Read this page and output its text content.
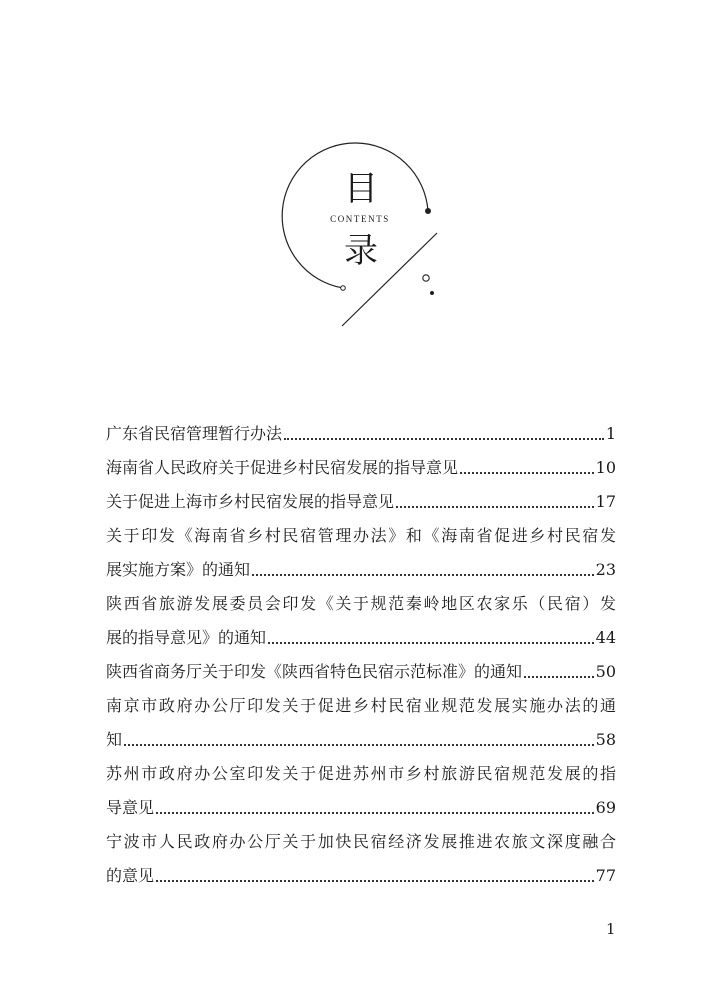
目
CONTENTS
录
广东省民宿管理暂行办法	1
海南省人民政府关于促进乡村民宿发展的指导意见	10
关于促进上海市乡村民宿发展的指导意见	17
关于印发《海南省乡村民宿管理办法》和《海南省促进乡村民宿发
展实施方案》的通知	23
陕西省旅游发展委员会印发《关于规范秦岭地区农家乐（民宿）发
展的指导意见》的通知	44
陕西省商务厅关于印发《陕西省特色民宿示范标准》的通知	50
南京市政府办公厅印发关于促进乡村民宿业规范发展实施办法的通
知	58
苏州市政府办公室印发关于促进苏州市乡村旅游民宿规范发展的指
导意见	69
宁波市人民政府办公厅关于加快民宿经济发展推进农旅文深度融合
的意见	77
1
